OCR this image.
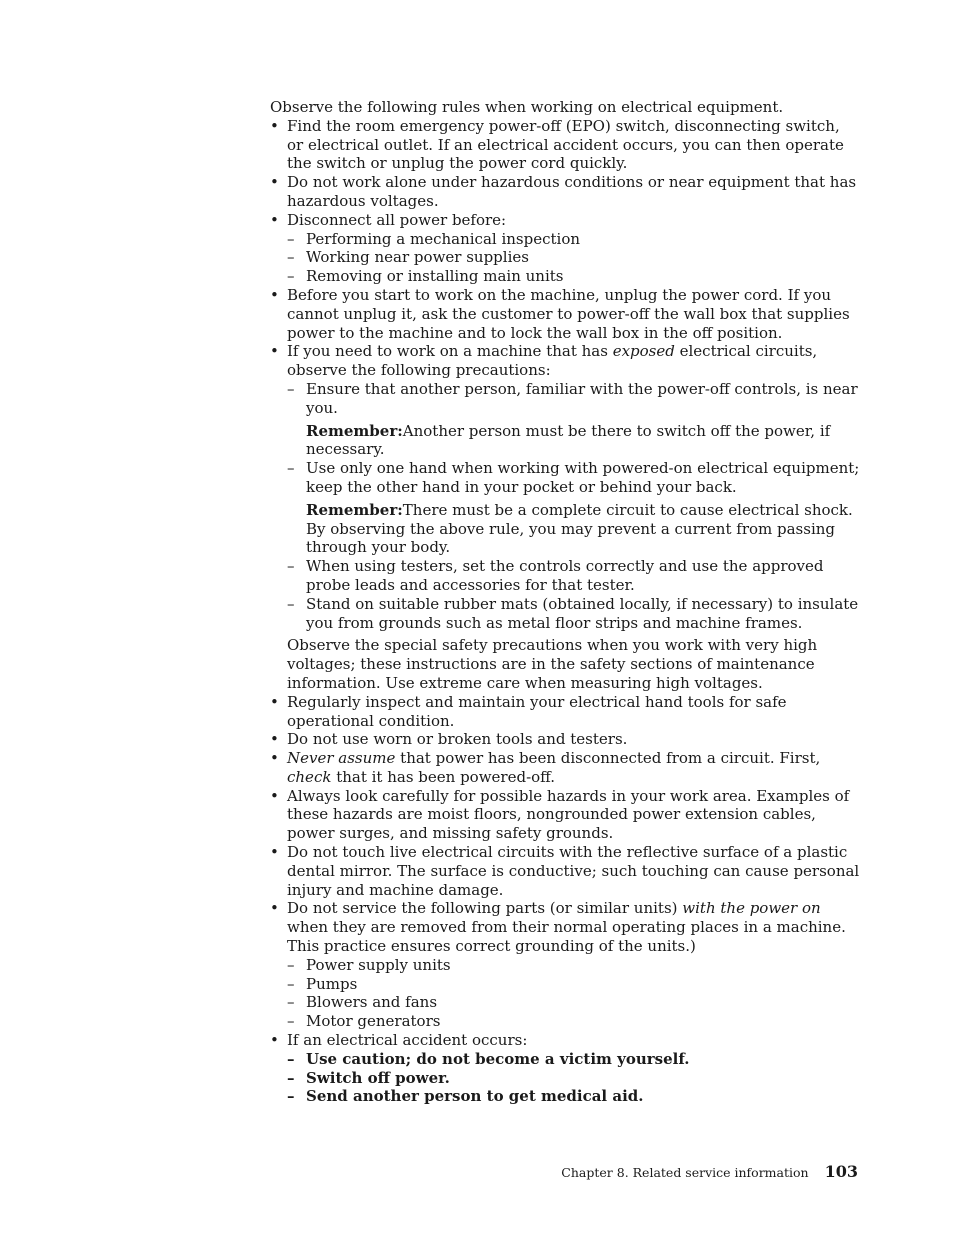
Observe the following rules when working on electrical equipment.

• Find the room emergency power-off (EPO) switch, disconnecting switch, or electrical outlet. If an electrical accident occurs, you can then operate the switch or unplug the power cord quickly.

• Do not work alone under hazardous conditions or near equipment that has hazardous voltages.

• Disconnect all power before:

– Performing a mechanical inspection

– Working near power supplies

– Removing or installing main units

• Before you start to work on the machine, unplug the power cord. If you cannot unplug it, ask the customer to power-off the wall box that supplies power to the machine and to lock the wall box in the off position.

• If you need to work on a machine that has exposed electrical circuits, observe the following precautions:

– Ensure that another person, familiar with the power-off controls, is near you.

Remember:Another person must be there to switch off the power, if necessary.

– Use only one hand when working with powered-on electrical equipment; keep the other hand in your pocket or behind your back.

Remember:There must be a complete circuit to cause electrical shock. By observing the above rule, you may prevent a current from passing through your body.

– When using testers, set the controls correctly and use the approved probe leads and accessories for that tester.

– Stand on suitable rubber mats (obtained locally, if necessary) to insulate you from grounds such as metal floor strips and machine frames.

Observe the special safety precautions when you work with very high voltages; these instructions are in the safety sections of maintenance information. Use extreme care when measuring high voltages.

• Regularly inspect and maintain your electrical hand tools for safe operational condition.

• Do not use worn or broken tools and testers.

• Never assume that power has been disconnected from a circuit. First, check that it has been powered-off.

• Always look carefully for possible hazards in your work area. Examples of these hazards are moist floors, nongrounded power extension cables, power surges, and missing safety grounds.

• Do not touch live electrical circuits with the reflective surface of a plastic dental mirror. The surface is conductive; such touching can cause personal injury and machine damage.

• Do not service the following parts (or similar units) with the power on when they are removed from their normal operating places in a machine. This practice ensures correct grounding of the units.)

– Power supply units

– Pumps

– Blowers and fans

– Motor generators

• If an electrical accident occurs:

– Use caution; do not become a victim yourself.

– Switch off power.

– Send another person to get medical aid.

Chapter 8. Related service information 103
